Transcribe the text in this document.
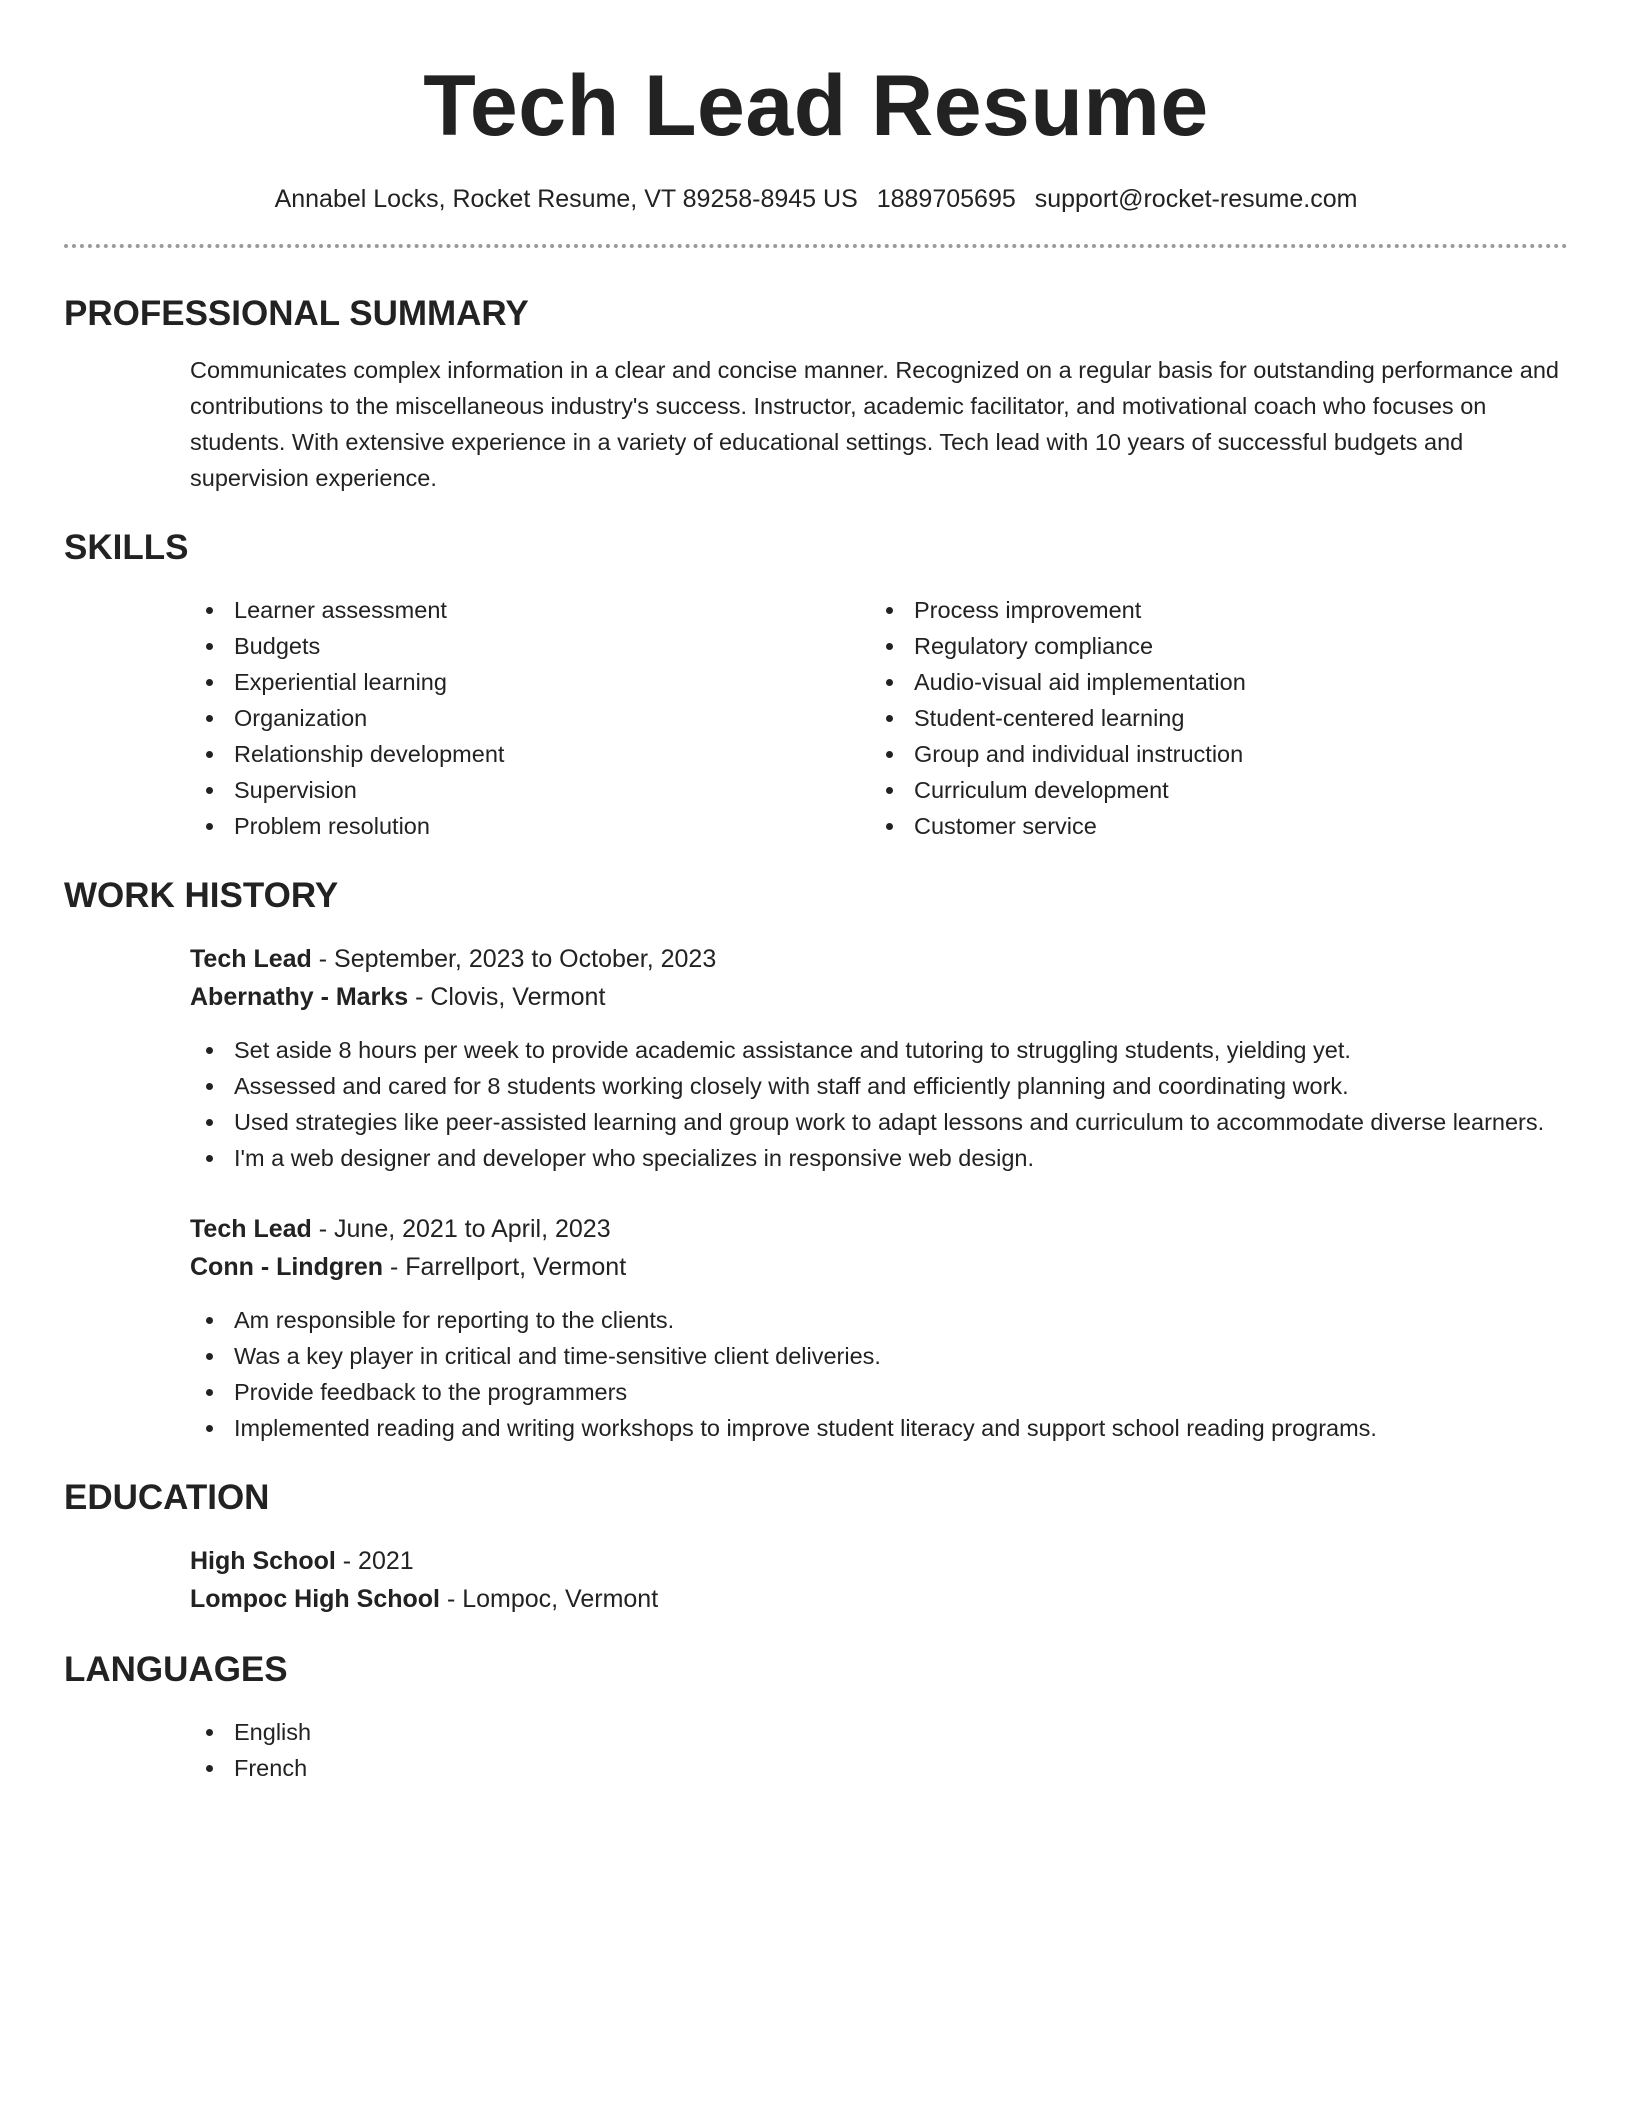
Tech Lead Resume
Annabel Locks, Rocket Resume, VT 89258-8945 US 1889705695 support@rocket-resume.com
PROFESSIONAL SUMMARY
Communicates complex information in a clear and concise manner. Recognized on a regular basis for outstanding performance and contributions to the miscellaneous industry's success. Instructor, academic facilitator, and motivational coach who focuses on students. With extensive experience in a variety of educational settings. Tech lead with 10 years of successful budgets and supervision experience.
SKILLS
Learner assessment
Budgets
Experiential learning
Organization
Relationship development
Supervision
Problem resolution
Process improvement
Regulatory compliance
Audio-visual aid implementation
Student-centered learning
Group and individual instruction
Curriculum development
Customer service
WORK HISTORY
Tech Lead - September, 2023 to October, 2023
Abernathy - Marks - Clovis, Vermont
Set aside 8 hours per week to provide academic assistance and tutoring to struggling students, yielding yet.
Assessed and cared for 8 students working closely with staff and efficiently planning and coordinating work.
Used strategies like peer-assisted learning and group work to adapt lessons and curriculum to accommodate diverse learners.
I'm a web designer and developer who specializes in responsive web design.
Tech Lead - June, 2021 to April, 2023
Conn - Lindgren - Farrellport, Vermont
Am responsible for reporting to the clients.
Was a key player in critical and time-sensitive client deliveries.
Provide feedback to the programmers
Implemented reading and writing workshops to improve student literacy and support school reading programs.
EDUCATION
High School - 2021
Lompoc High School - Lompoc, Vermont
LANGUAGES
English
French
